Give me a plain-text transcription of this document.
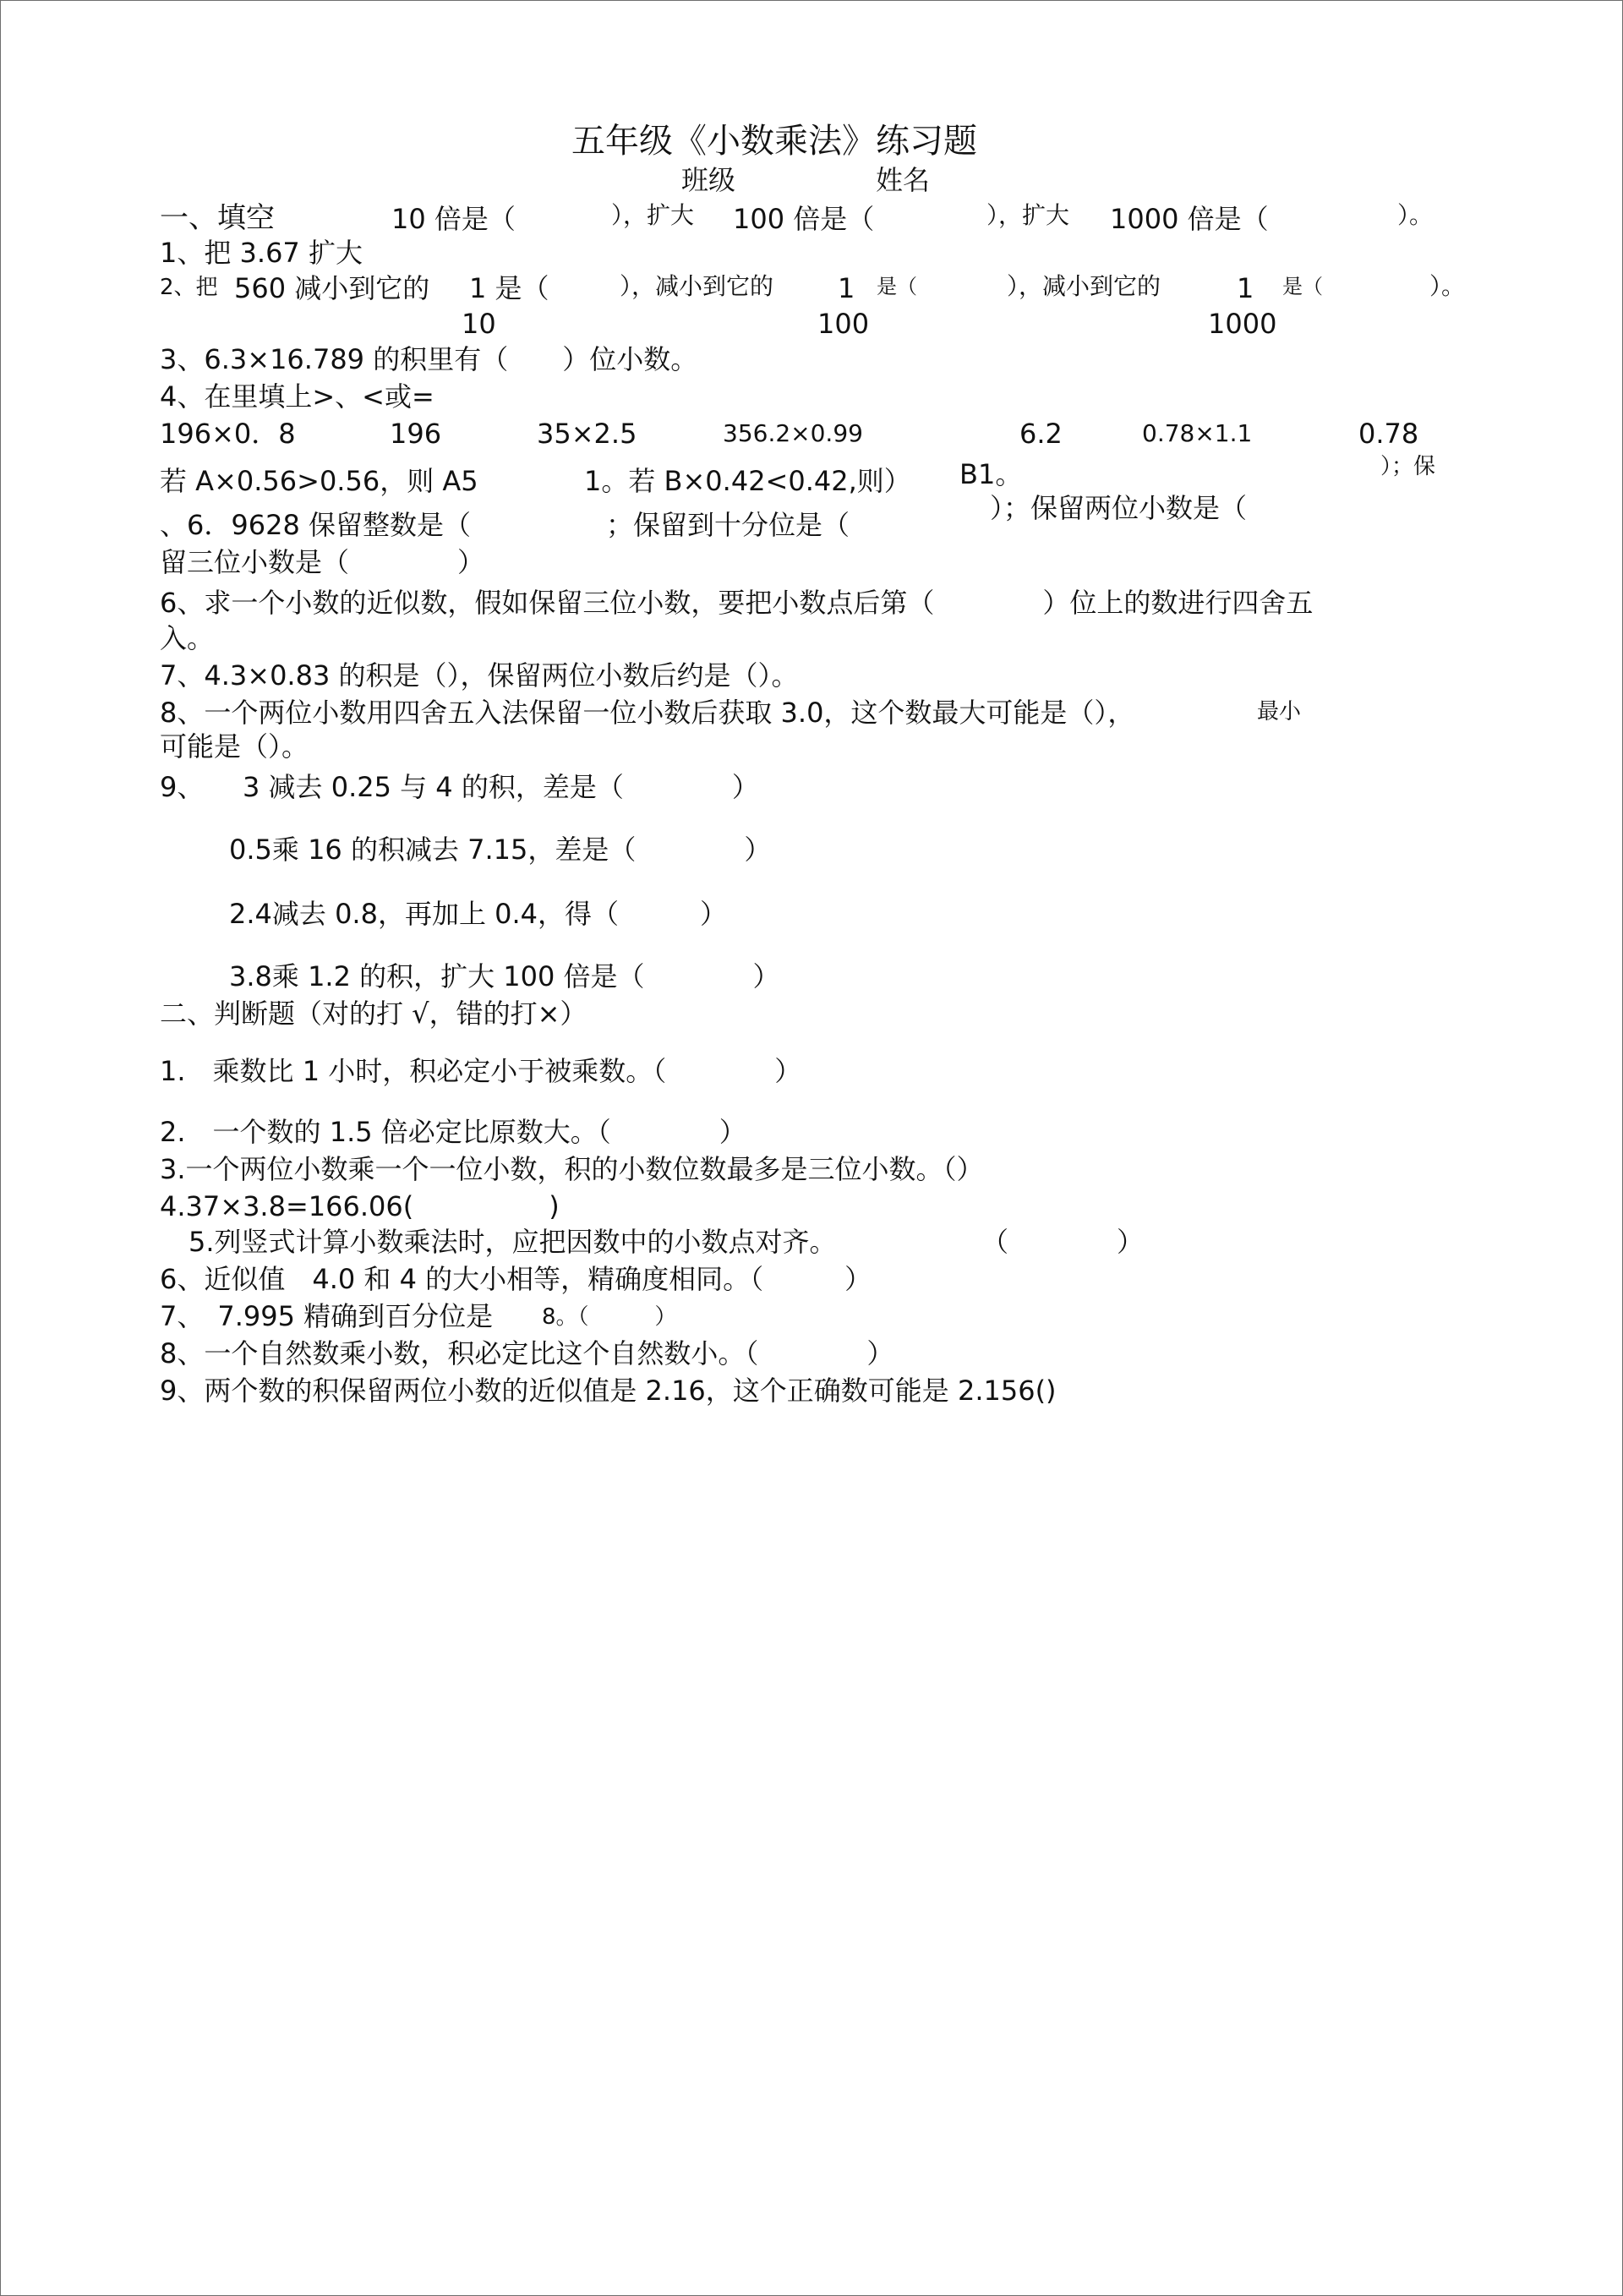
五年级《小数乘法》练习题
班级	姓名
一、填空	10 倍是（	），扩大 100 倍是（	），扩大 1000 倍是（	）。
1、把 3.67 扩大
2、把 560 减小到它的 1 是（	），减小到它的 1 是（	），减小到它的	1 是（	）。
10	100	1000
3、6.3×16.789 的积里有（　　）位小数。
4、在里填上>、<或=
196×0．8	196	35×2.5	356.2×0.99	6.2	0.78×1.1	0.78
若 A×0.56>0.56，则 A5	1。若 B×0.42<0.42,则） B1。	）；保
、6．9628 保留整数是（	；保留到十分位是（
）；保留两位小数是（
留三位小数是（　　　　）
6、求一个小数的近似数，假如保留三位小数，要把小数点后第（　　　　）位上的数进行四舍五
入。
7、4.3×0.83 的积是（），保留两位小数后约是（）。
8、一个两位小数用四舍五入法保留一位小数后获取 3.0，这个数最大可能是（），	最小
可能是（）。
9、 3 减去 0.25 与 4 的积，差是（　　　　）
0.5乘 16 的积减去 7.15，差是（　　　　）
2.4减去 0.8，再加上 0.4，得（　　　）
3.8乘 1.2 的积，扩大 100 倍是（　　　　）
二、判断题（对的打 √，错的打×）
1.　乘数比 1 小时，积必定小于被乘数。（　　　　）
2.　一个数的 1.5 倍必定比原数大。（　　　　）
3.一个两位小数乘一个一位小数，积的小数位数最多是三位小数。（）
4.37×3.8=166.06(　　　　　)
5.列竖式计算小数乘法时，应把因数中的小数点对齐。	（　　　　）
6、近似值　4.0 和 4 的大小相等，精确度相同。（　　　）
7、　7.995 精确到百分位是 8。（　　　）
8、一个自然数乘小数，积必定比这个自然数小。（　　　　）
9、两个数的积保留两位小数的近似值是 2.16，这个正确数可能是 2.156()
